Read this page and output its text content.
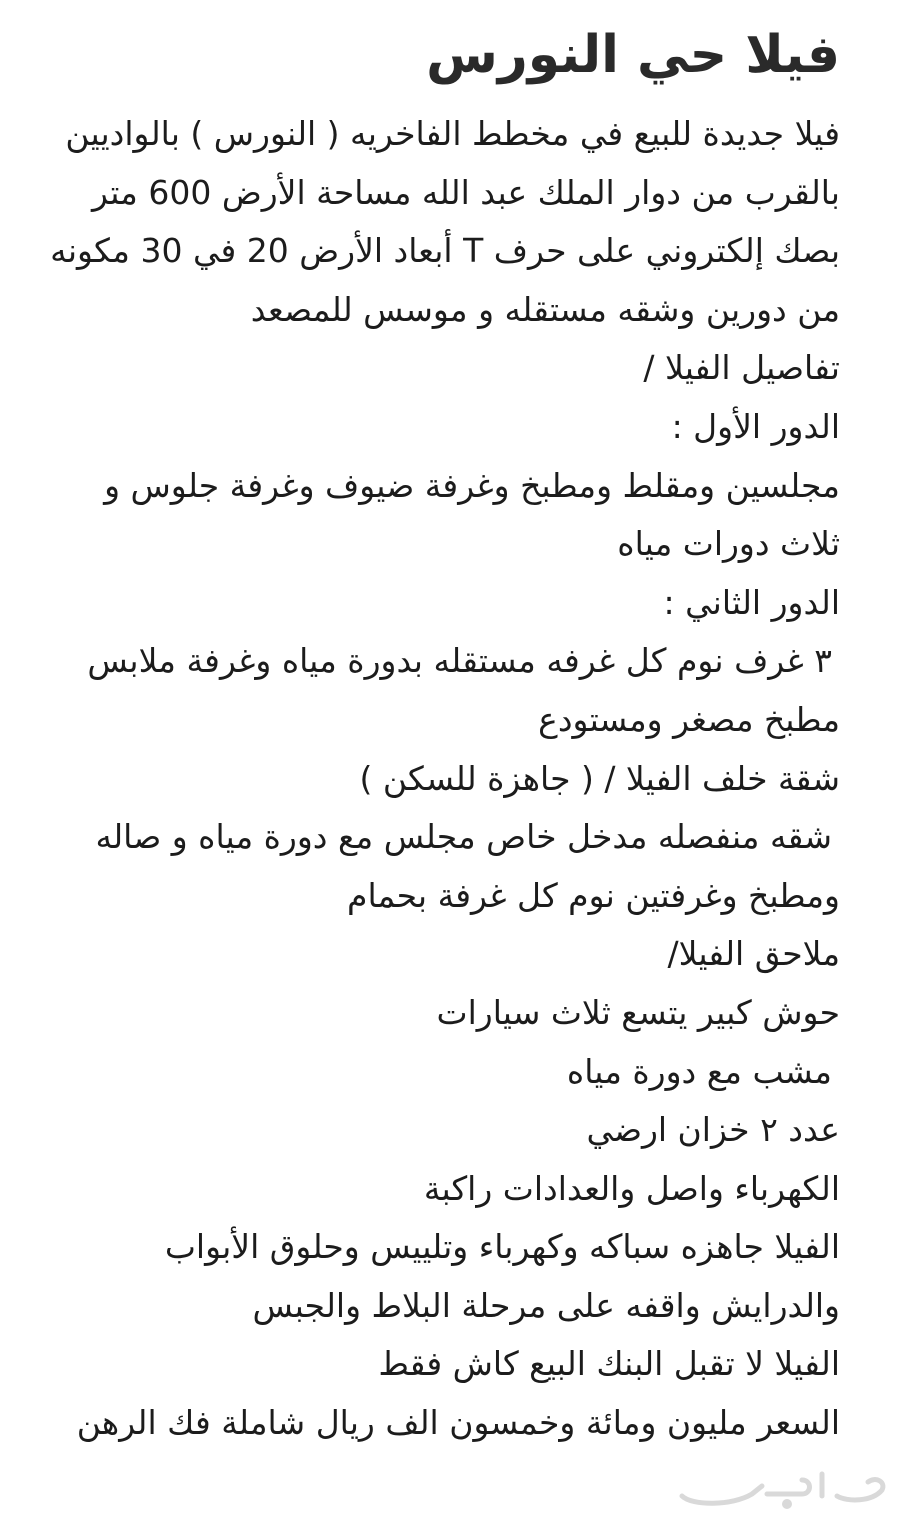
فيلا حي النورس
فيلا جديدة للبيع في مخطط الفاخريه ( النورس ) بالواديين
بالقرب من دوار الملك عبد الله مساحة الأرض 600 متر
بصك إلكتروني على حرف T أبعاد الأرض 20 في 30 مكونه
من دورين وشقه مستقله و موسس للمصعد
تفاصيل الفيلا /
الدور الأول :
مجلسين ومقلط ومطبخ وغرفة ضيوف وغرفة جلوس و
ثلاث دورات مياه
الدور الثاني :
٣ غرف نوم كل غرفه مستقله بدورة مياه وغرفة ملابس
مطبخ مصغر ومستودع
شقة خلف الفيلا / ( جاهزة للسكن )
شقه منفصله مدخل خاص مجلس مع دورة مياه و صاله
ومطبخ وغرفتين نوم كل غرفة بحمام
ملاحق الفيلا/
حوش كبير يتسع ثلاث سيارات
مشب مع دورة مياه
عدد ٢ خزان ارضي
الكهرباء واصل والعدادات راكبة
الفيلا جاهزه سباكه وكهرباء وتلييس وحلوق الأبواب
والدرايش واقفه على مرحلة البلاط والجبس
الفيلا لا تقبل البنك البيع كاش فقط
السعر مليون ومائة وخمسون الف ريال شاملة فك الرهن
